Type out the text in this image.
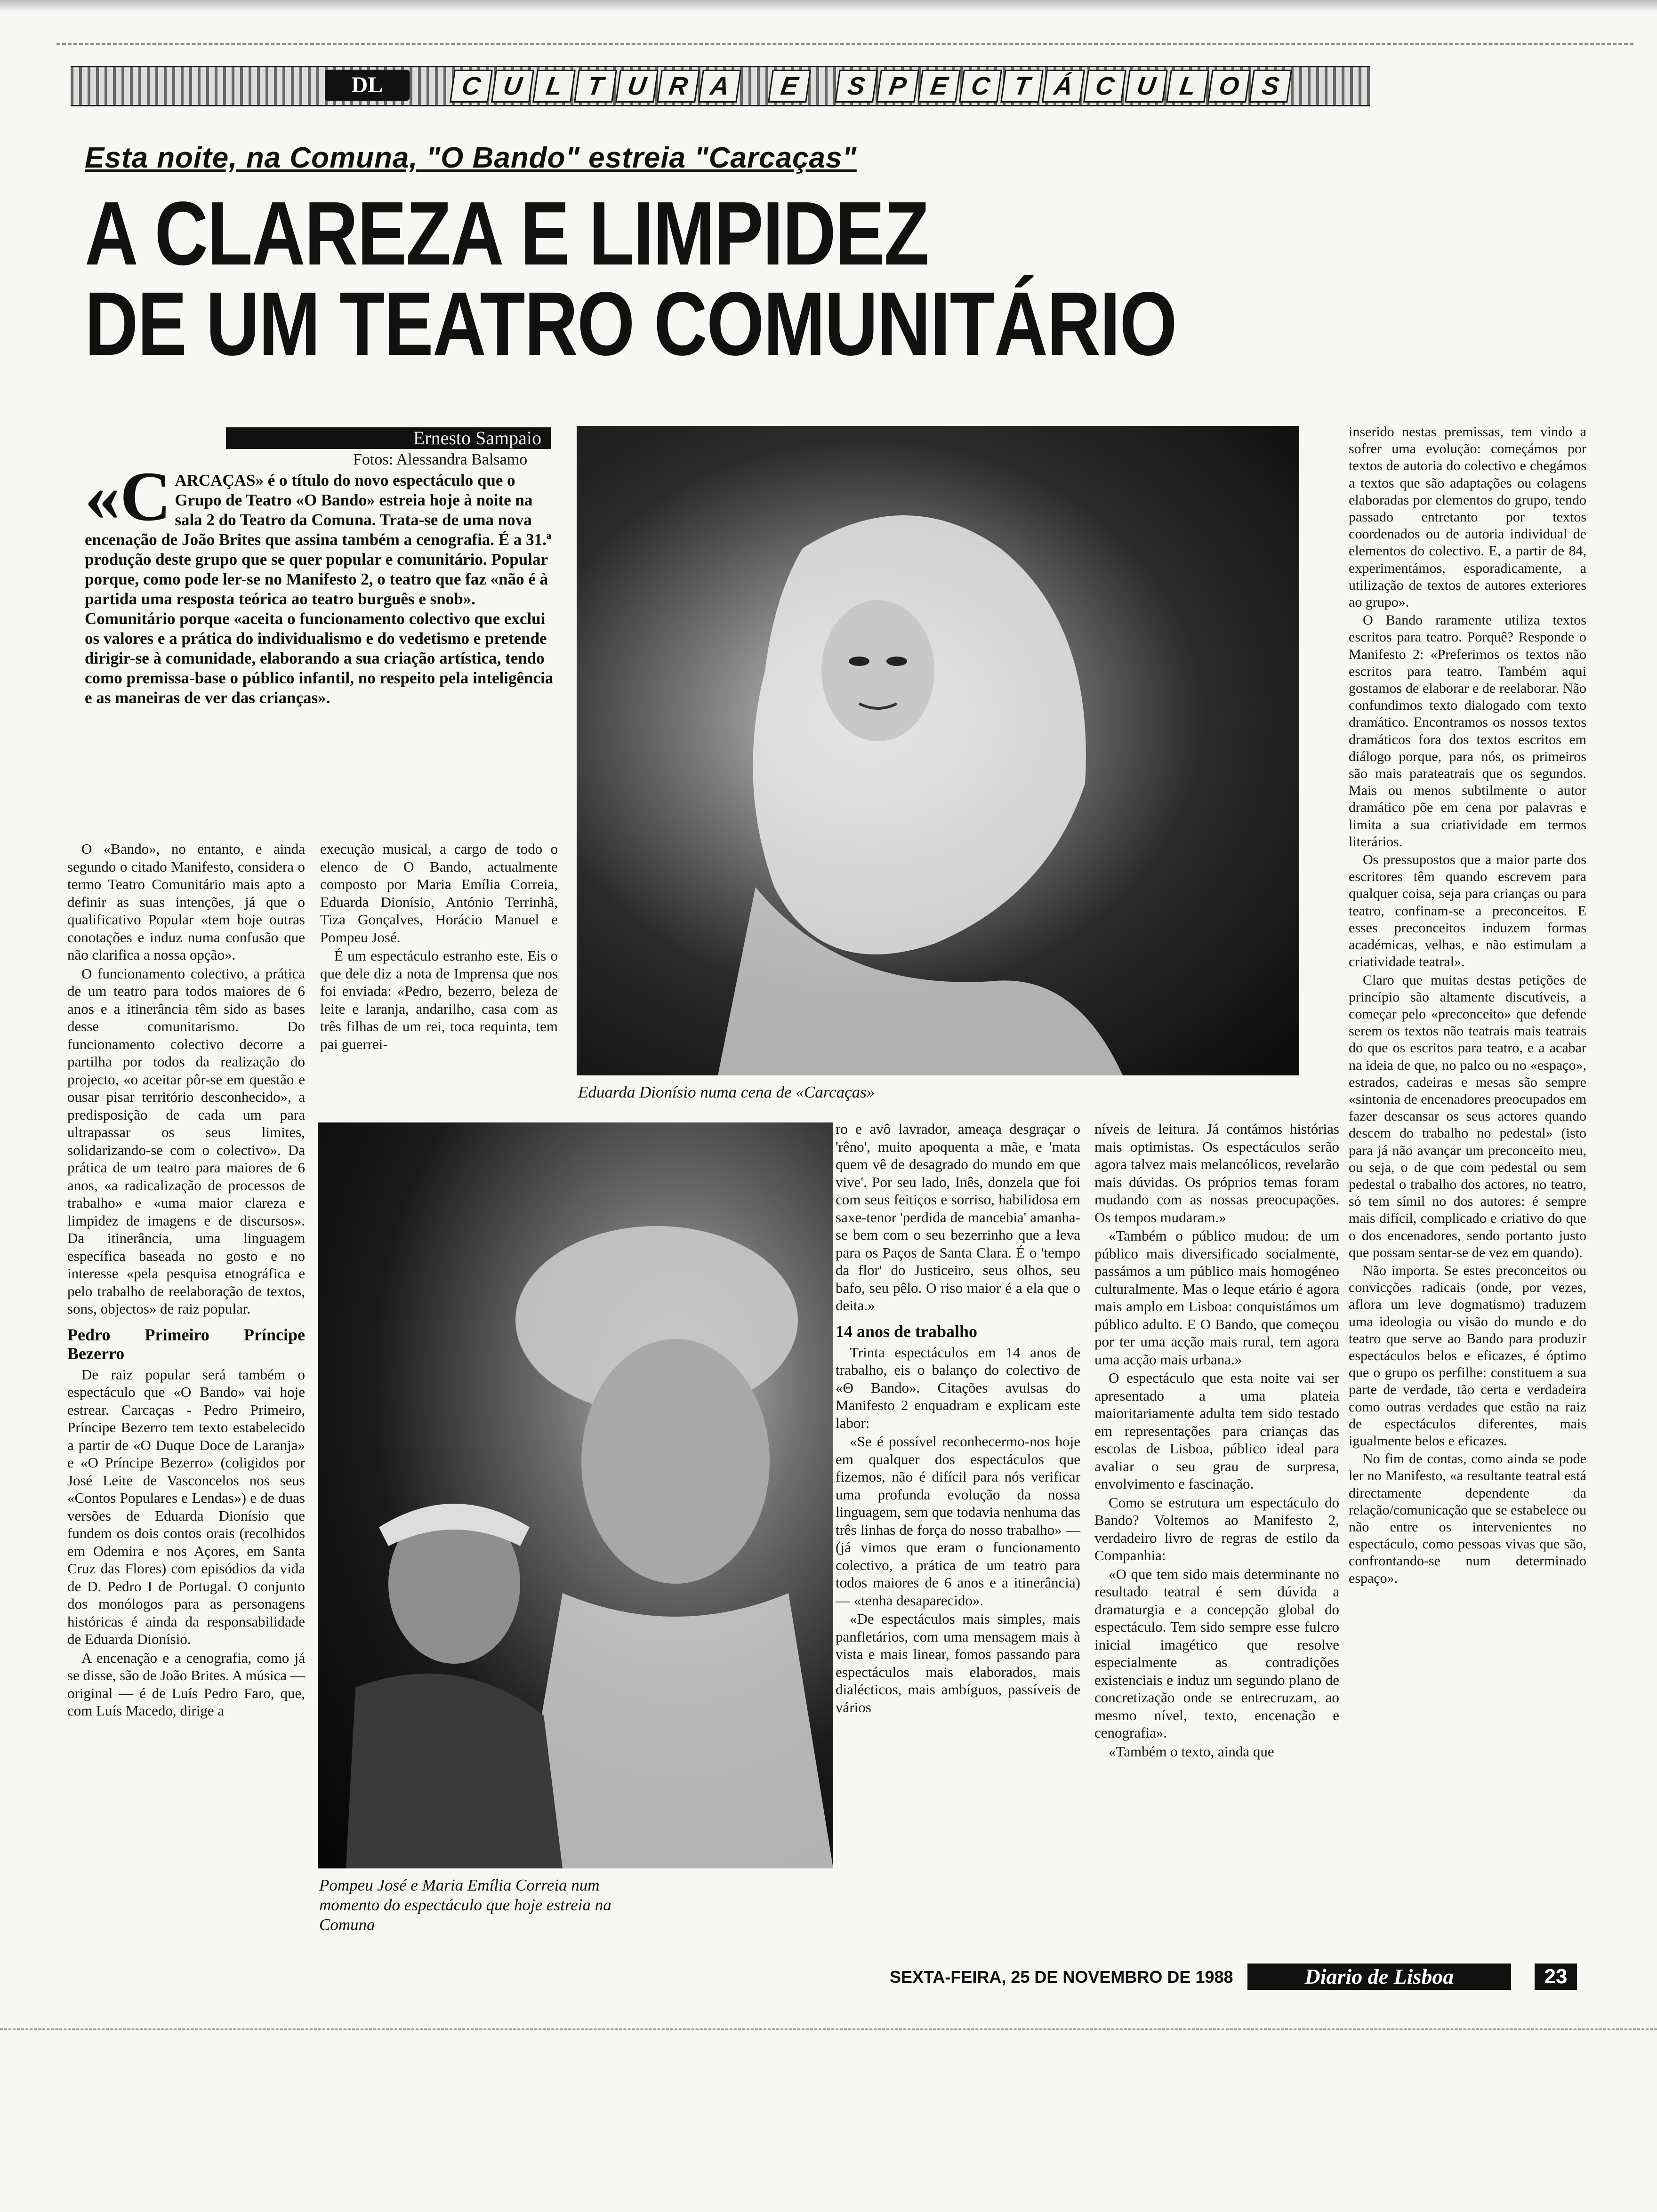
DL	C U L T U R A	E	S P E C T Á C U L O S
Esta noite, na Comuna, "O Bando" estreia "Carcaças"
A CLAREZA E LIMPIDEZ
DE UM TEATRO COMUNITÁRIO
Ernesto Sampaio
Fotos: Alessandra Balsamo
«CARCAÇAS» é o título do novo espectáculo que o Grupo de Teatro «O Bando» estreia hoje à noite na sala 2 do Teatro da Comuna. Trata-se de uma nova encenação de João Brites que assina também a cenografia. É a 31.ª produção deste grupo que se quer popular e comunitário. Popular porque, como pode ler-se no Manifesto 2, o teatro que faz «não é à partida uma resposta teórica ao teatro burguês e snob». Comunitário porque «aceita o funcionamento colectivo que exclui os valores e a prática do individualismo e do vedetismo e pretende dirigir-se à comunidade, elaborando a sua criação artística, tendo como premissa-base o público infantil, no respeito pela inteligência e as maneiras de ver das crianças».
Eduarda Dionísio numa cena de «Carcaças»
Pompeu José e Maria Emília Correia num momento do espectáculo que hoje estreia na Comuna

O «Bando», no entanto, e ainda segundo o citado Manifesto, considera o termo Teatro Comunitário mais apto a definir as suas intenções, já que o qualificativo Popular «tem hoje outras conotações e induz numa confusão que não clarifica a nossa opção».

O funcionamento colectivo, a prática de um teatro para todos maiores de 6 anos e a itinerância têm sido as bases desse comunitarismo. Do funcionamento colectivo decorre a partilha por todos da realização do projecto, «o aceitar pôr-se em questão e ousar pisar território desconhecido», a predisposição de cada um para ultrapassar os seus limites, solidarizando-se com o colectivo». Da prática de um teatro para maiores de 6 anos, «a radicalização de processos de trabalho» e «uma maior clareza e limpidez de imagens e de discursos». Da itinerância, uma linguagem específica baseada no gosto e no interesse «pela pesquisa etnográfica e pelo trabalho de reelaboração de textos, sons, objectos» de raiz popular.

Pedro Primeiro Príncipe Bezerro

De raiz popular será também o espectáculo que «O Bando» vai hoje estrear. Carcaças - Pedro Primeiro, Príncipe Bezerro tem texto estabelecido a partir de «O Duque Doce de Laranja» e «O Príncipe Bezerro» (coligidos por José Leite de Vasconcelos nos seus «Contos Populares e Lendas») e de duas versões de Eduarda Dionísio que fundem os dois contos orais (recolhidos em Odemira e nos Açores, em Santa Cruz das Flores) com episódios da vida de D. Pedro I de Portugal. O conjunto dos monólogos para as personagens históricas é ainda da responsabilidade de Eduarda Dionísio.

A encenação e a cenografia, como já se disse, são de João Brites. A música — original — é de Luís Pedro Faro, que, com Luís Macedo, dirige a

execução musical, a cargo de todo o elenco de O Bando, actualmente composto por Maria Emília Correia, Eduarda Dionísio, António Terrinhã, Tiza Gonçalves, Horácio Manuel e Pompeu José.

É um espectáculo estranho este. Eis o que dele diz a nota de Imprensa que nos foi enviada: «Pedro, bezerro, beleza de leite e laranja, andarilho, casa com as três filhas de um rei, toca requinta, tem pai guerrei-

ro e avô lavrador, ameaça desgraçar o 'rêno', muito apoquenta a mãe, e 'mata quem vê de desagrado do mundo em que vive'. Por seu lado, Inês, donzela que foi com seus feitiços e sorriso, habilidosa em saxe-tenor 'perdida de mancebia' amanha-se bem com o seu bezerrinho que a leva para os Paços de Santa Clara. É o 'tempo da flor' do Justiceiro, seus olhos, seu bafo, seu pêlo. O riso maior é a ela que o deita.»

14 anos de trabalho

Trinta espectáculos em 14 anos de trabalho, eis o balanço do colectivo de «Θ Bando». Citações avulsas do Manifesto 2 enquadram e explicam este labor:

«Se é possível reconhecermo-nos hoje em qualquer dos espectáculos que fizemos, não é difícil para nós verificar uma profunda evolução da nossa linguagem, sem que todavia nenhuma das três linhas de força do nosso trabalho» — (já vimos que eram o funcionamento colectivo, a prática de um teatro para todos maiores de 6 anos e a itinerância) — «tenha desaparecido».

«De espectáculos mais simples, mais panfletários, com uma mensagem mais à vista e mais linear, fomos passando para espectáculos mais elaborados, mais dialécticos, mais ambíguos, passíveis de vários

níveis de leitura. Já contámos histórias mais optimistas. Os espectáculos serão agora talvez mais melancólicos, revelarão mais dúvidas. Os próprios temas foram mudando com as nossas preocupações. Os tempos mudaram.»

«Também o público mudou: de um público mais diversificado socialmente, passámos a um público mais homogéneo culturalmente. Mas o leque etário é agora mais amplo em Lisboa: conquistámos um público adulto. E O Bando, que começou por ter uma acção mais rural, tem agora uma acção mais urbana.»

O espectáculo que esta noite vai ser apresentado a uma plateia maioritariamente adulta tem sido testado em representações para crianças das escolas de Lisboa, público ideal para avaliar o seu grau de surpresa, envolvimento e fascinação.

Como se estrutura um espectáculo do Bando? Voltemos ao Manifesto 2, verdadeiro livro de regras de estilo da Companhia:

«O que tem sido mais determinante no resultado teatral é sem dúvida a dramaturgia e a concepção global do espectáculo. Tem sido sempre esse fulcro inicial imagético que resolve especialmente as contradições existenciais e induz um segundo plano de concretização onde se entrecruzam, ao mesmo nível, texto, encenação e cenografia».

«Também o texto, ainda que

inserido nestas premissas, tem vindo a sofrer uma evolução: começámos por textos de autoria do colectivo e chegámos a textos que são adaptações ou colagens elaboradas por elementos do grupo, tendo passado entretanto por textos coordenados ou de autoria individual de elementos do colectivo. E, a partir de 84, experimentámos, esporadicamente, a utilização de textos de autores exteriores ao grupo».

O Bando raramente utiliza textos escritos para teatro. Porquê? Responde o Manifesto 2: «Preferimos os textos não escritos para teatro. Também aqui gostamos de elaborar e de reelaborar. Não confundimos texto dialogado com texto dramático. Encontramos os nossos textos dramáticos fora dos textos escritos em diálogo porque, para nós, os primeiros são mais parateatrais que os segundos. Mais ou menos subtilmente o autor dramático põe em cena por palavras e limita a sua criatividade em termos literários.

Os pressupostos que a maior parte dos escritores têm quando escrevem para qualquer coisa, seja para crianças ou para teatro, confinam-se a preconceitos. E esses preconceitos induzem formas académicas, velhas, e não estimulam a criatividade teatral».

Claro que muitas destas petições de princípio são altamente discutíveis, a começar pelo «preconceito» que defende serem os textos não teatrais mais teatrais do que os escritos para teatro, e a acabar na ideia de que, no palco ou no «espaço», estrados, cadeiras e mesas são sempre «sintonia de encenadores preocupados em fazer descansar os seus actores quando descem do trabalho no pedestal» (isto para já não avançar um preconceito meu, ou seja, o de que com pedestal ou sem pedestal o trabalho dos actores, no teatro, só tem símil no dos autores: é sempre mais difícil, complicado e criativo do que o dos encenadores, sendo portanto justo que possam sentar-se de vez em quando).

Não importa. Se estes preconceitos ou convicções radicais (onde, por vezes, aflora um leve dogmatismo) traduzem uma ideologia ou visão do mundo e do teatro que serve ao Bando para produzir espectáculos belos e eficazes, é óptimo que o grupo os perfilhe: constituem a sua parte de verdade, tão certa e verdadeira como outras verdades que estão na raiz de espectáculos diferentes, mais igualmente belos e eficazes.

No fim de contas, como ainda se pode ler no Manifesto, «a resultante teatral está directamente dependente da relação/comunicação que se estabelece ou não entre os intervenientes no espectáculo, como pessoas vivas que são, confrontando-se num determinado espaço».

SEXTA-FEIRA, 25 DE NOVEMBRO DE 1988	Diario de Lisboa	23
